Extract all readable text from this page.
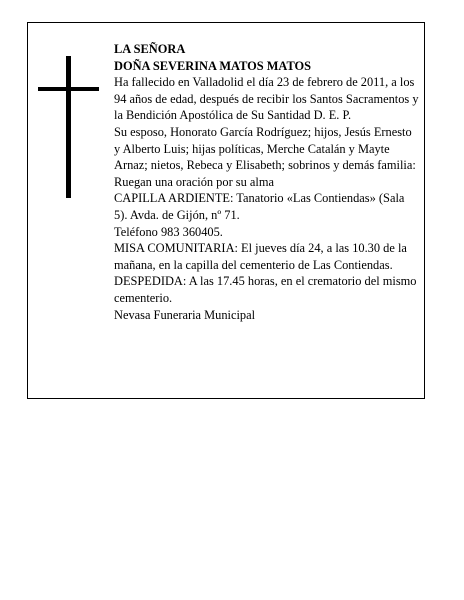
LA SEÑORA

DOÑA SEVERINA MATOS MATOS

Ha fallecido en Valladolid el día 23 de febrero de 2011, a los 94 años de edad, después de recibir los Santos Sacramentos y la Bendición Apostólica de Su Santidad D. E. P.

Su esposo, Honorato García Rodríguez; hijos, Jesús Ernesto y Alberto Luis; hijas políticas, Merche Catalán y Mayte Arnaz; nietos, Rebeca y Elisabeth; sobrinos y demás familia:

Ruegan una oración por su alma

CAPILLA ARDIENTE: Tanatorio «Las Contiendas» (Sala 5). Avda. de Gijón, nº 71.

Teléfono 983 360405.

MISA COMUNITARIA: El jueves día 24, a las 10.30 de la mañana, en la capilla del cementerio de Las Contiendas.

DESPEDIDA: A las 17.45 horas, en el crematorio del mismo cementerio.

Nevasa Funeraria Municipal
